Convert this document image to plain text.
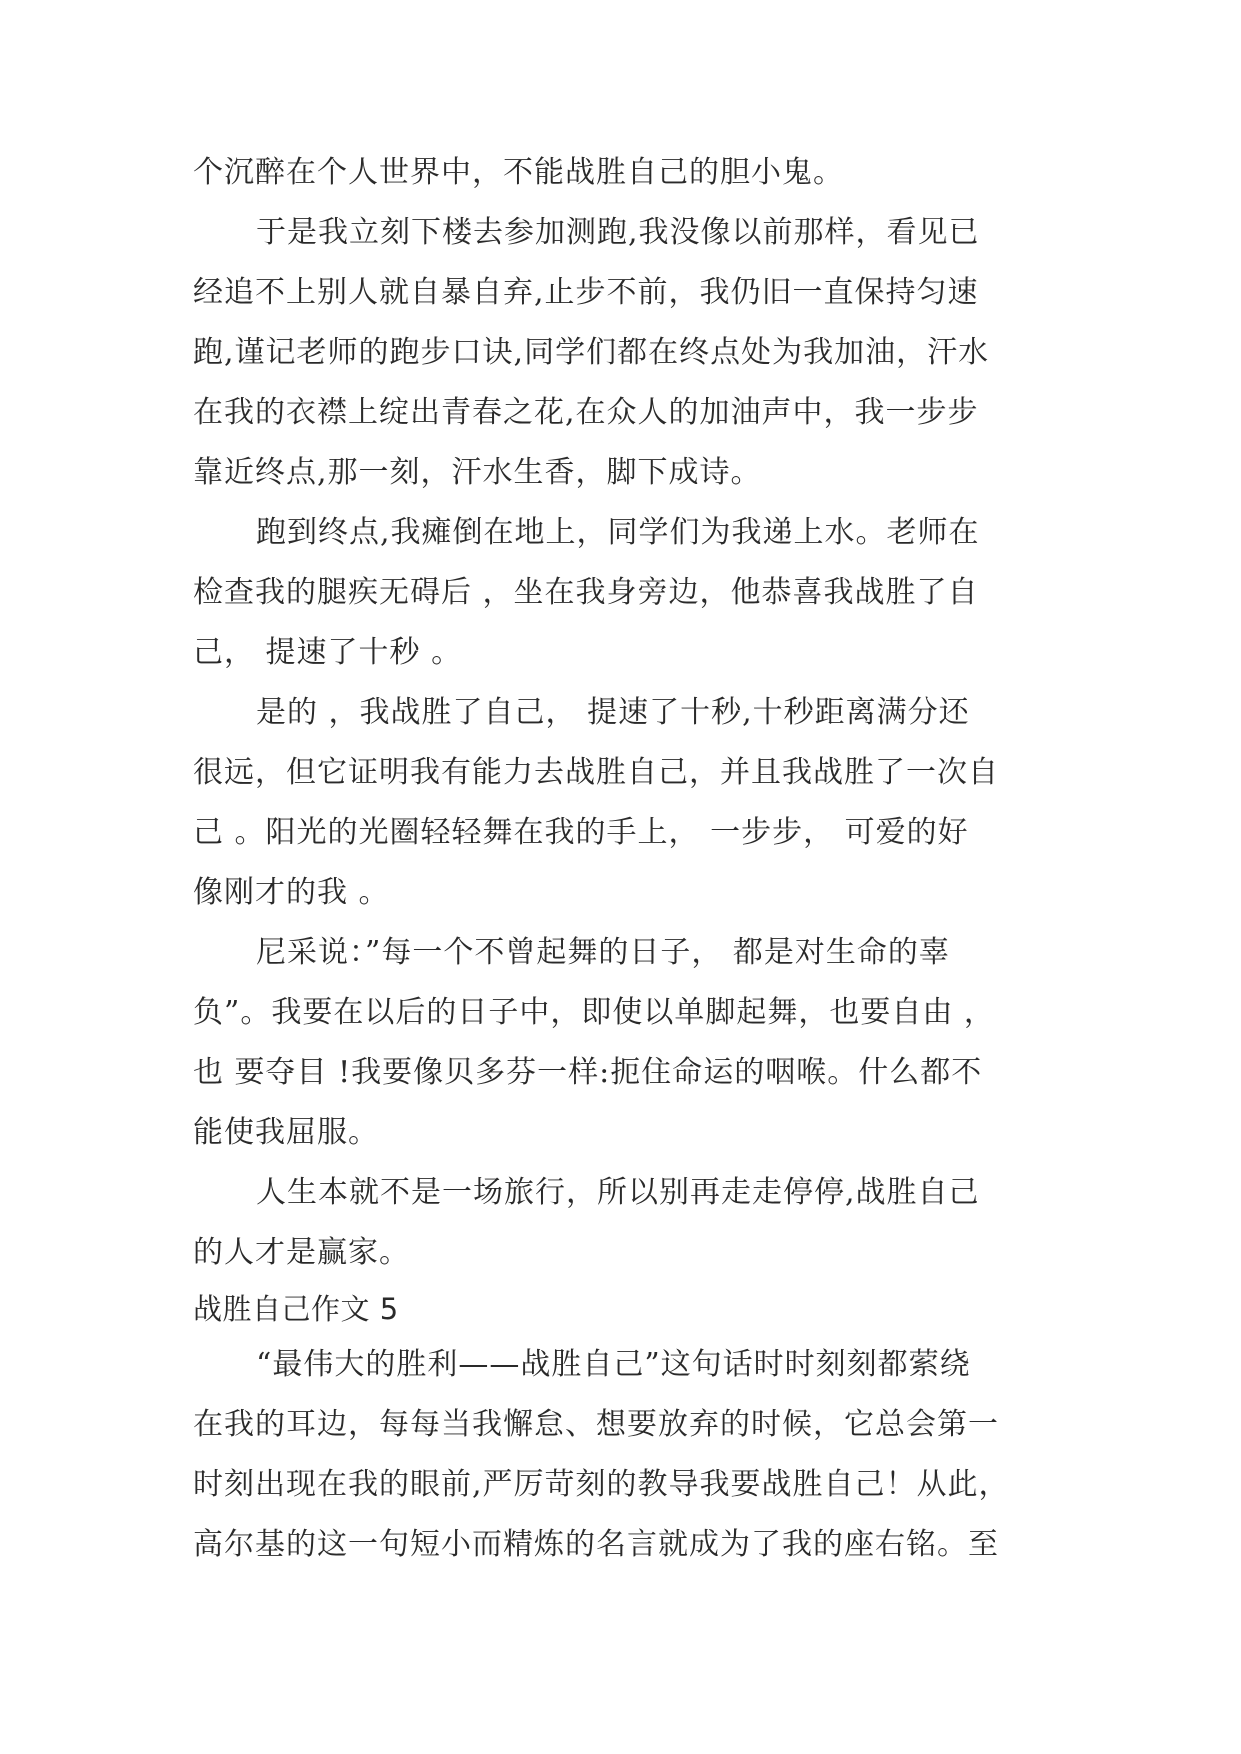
个沉醉在个人世界中，不能战胜自己的胆小鬼。
于是我立刻下楼去参加测跑,我没像以前那样，看见已
经追不上别人就自暴自弃,止步不前，我仍旧一直保持匀速
跑,谨记老师的跑步口诀,同学们都在终点处为我加油，汗水
在我的衣襟上绽出青春之花,在众人的加油声中，我一步步
靠近终点,那一刻，汗水生香，脚下成诗。
跑到终点,我瘫倒在地上，同学们为我递上水。老师在
检查我的腿疾无碍后 ，坐在我身旁边，他恭喜我战胜了自
己， 提速了十秒 。
是的 ，我战胜了自己， 提速了十秒,十秒距离满分还
很远，但它证明我有能力去战胜自己，并且我战胜了一次自
己 。阳光的光圈轻轻舞在我的手上， 一步步， 可爱的好
像刚才的我 。
尼采说：”每一个不曾起舞的日子， 都是对生命的辜
负”。我要在以后的日子中，即使以单脚起舞，也要自由 ，
也 要夺目 !我要像贝多芬一样:扼住命运的咽喉。什么都不
能使我屈服。
人生本就不是一场旅行，所以别再走走停停,战胜自己
的人才是赢家。
战胜自己作文 5
“最伟大的胜利——战胜自己”这句话时时刻刻都萦绕
在我的耳边，每每当我懈怠、想要放弃的时候，它总会第一
时刻出现在我的眼前,严厉苛刻的教导我要战胜自己！从此，
高尔基的这一句短小而精炼的名言就成为了我的座右铭。至
